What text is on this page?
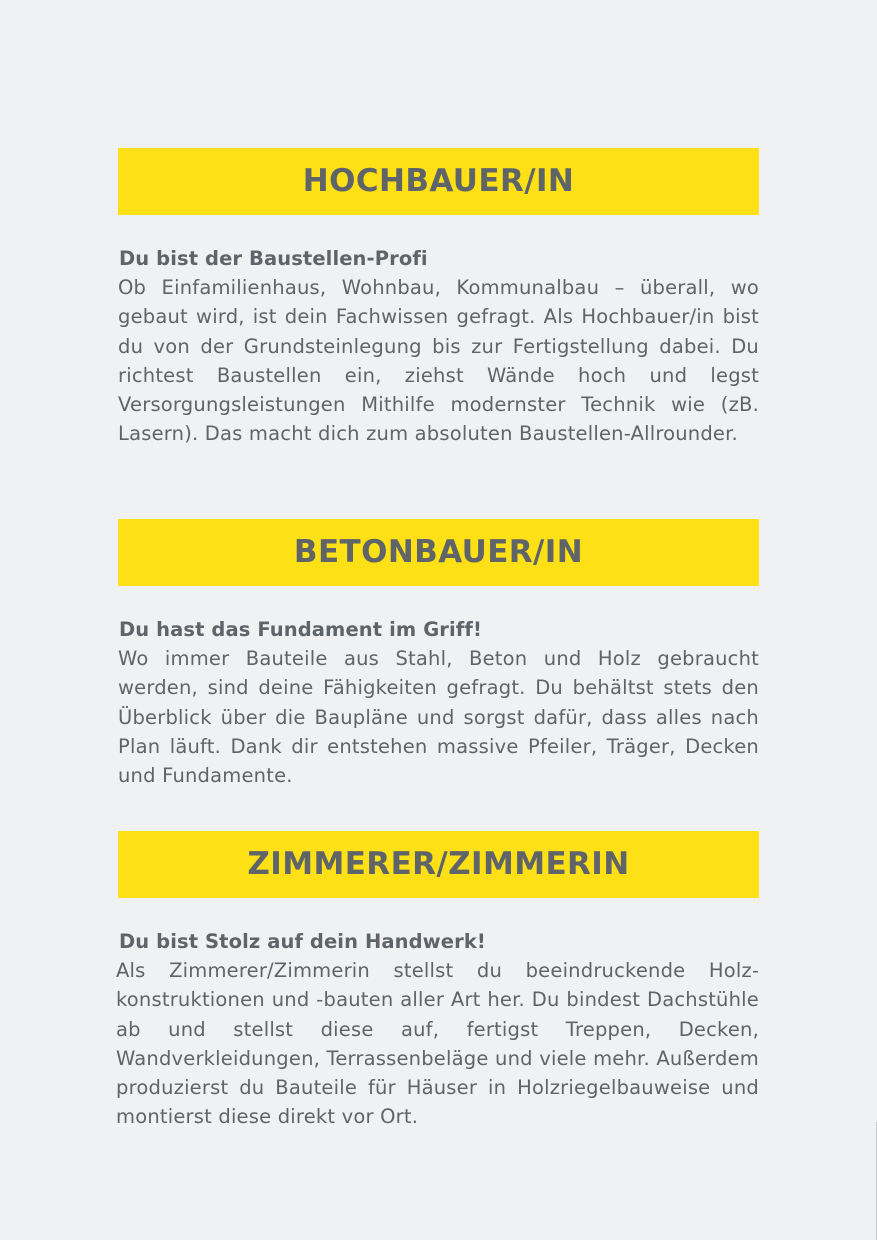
HOCHBAUER/IN
Du bist der Baustellen-Profi

Ob Einfamilienhaus, Wohnbau, Kommunalbau – überall, wo gebaut wird, ist dein Fachwissen gefragt. Als Hochbauer/in bist du von der Grundsteinlegung bis zur Fertigstellung dabei. Du richtest Baustellen ein, ziehst Wände hoch und legst Versorgungsleistungen Mithilfe modernster Technik wie (zB. Lasern). Das macht dich zum absoluten Baustellen-Allrounder.

BETONBAUER/IN
Du hast das Fundament im Griff!

Wo immer Bauteile aus Stahl, Beton und Holz gebraucht werden, sind deine Fähigkeiten gefragt. Du behältst stets den Überblick über die Baupläne und sorgst dafür, dass alles nach Plan läuft. Dank dir entstehen massive Pfeiler, Träger, Decken und Fundamente.

ZIMMERER/ZIMMERIN
Du bist Stolz auf dein Handwerk!

Als Zimmerer/Zimmerin stellst du beeindruckende Holzkonstruktionen und -bauten aller Art her. Du bindest Dachstühle ab und stellst diese auf, fertigst Treppen, Decken, Wandverkleidungen, Terrassenbeläge und viele mehr. Außerdem produzierst du Bauteile für Häuser in Holzriegelbauweise und montierst diese direkt vor Ort.
